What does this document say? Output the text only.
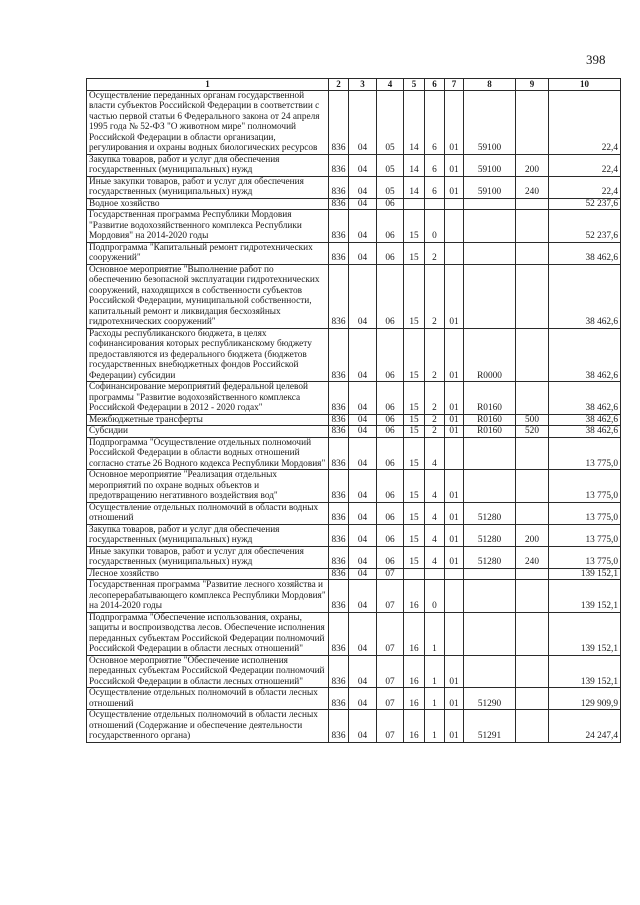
398
1	2	3	4	5	6	7	8	9	10
Осуществление переданных органам государственной власти субъектов Российской Федерации в соответствии с частью первой статьи 6 Федерального закона от 24 апреля 1995 года № 52-ФЗ "О животном мире" полномочий Российской Федерации в области организации, регулирования и охраны водных биологических ресурсов	836	04	05	14	6	01	59100		22,4
Закупка товаров, работ и услуг для обеспечения государственных (муниципальных) нужд	836	04	05	14	6	01	59100	200	22,4
Иные закупки товаров, работ и услуг для обеспечения государственных (муниципальных) нужд	836	04	05	14	6	01	59100	240	22,4
Водное хозяйство	836	04	06						52 237,6
Государственная программа Республики Мордовия "Развитие водохозяйственного комплекса Республики Мордовия" на 2014-2020 годы	836	04	06	15	0				52 237,6
Подпрограмма "Капитальный ремонт гидротехнических сооружений"	836	04	06	15	2				38 462,6
Основное мероприятие "Выполнение работ по обеспечению безопасной эксплуатации гидротехнических сооружений, находящихся в собственности субъектов Российской Федерации, муниципальной собственности, капитальный ремонт и ликвидация бесхозяйных гидротехнических сооружений"	836	04	06	15	2	01			38 462,6
Расходы республиканского бюджета, в целях софинансирования которых республиканскому бюджету предоставляются из федерального бюджета (бюджетов государственных внебюджетных фондов Российской Федерации) субсидии	836	04	06	15	2	01	R0000		38 462,6
Софинансирование мероприятий федеральной целевой программы "Развитие водохозяйственного комплекса Российской Федерации в 2012 - 2020 годах"	836	04	06	15	2	01	R0160		38 462,6
Межбюджетные трансферты	836	04	06	15	2	01	R0160	500	38 462,6
Субсидии	836	04	06	15	2	01	R0160	520	38 462,6
Подпрограмма "Осуществление отдельных полномочий Российской Федерации в области водных отношений согласно статье 26 Водного кодекса Республики Мордовия"	836	04	06	15	4				13 775,0
Основное мероприятие "Реализация отдельных мероприятий по охране водных объектов и предотвращению негативного воздействия вод"	836	04	06	15	4	01			13 775,0
Осуществление отдельных полномочий в области водных отношений	836	04	06	15	4	01	51280		13 775,0
Закупка товаров, работ и услуг для обеспечения государственных (муниципальных) нужд	836	04	06	15	4	01	51280	200	13 775,0
Иные закупки товаров, работ и услуг для обеспечения государственных (муниципальных) нужд	836	04	06	15	4	01	51280	240	13 775,0
Лесное хозяйство	836	04	07						139 152,1
Государственная программа "Развитие лесного хозяйства и лесоперерабатывающего комплекса Республики Мордовия" на 2014-2020 годы	836	04	07	16	0				139 152,1
Подпрограмма "Обеспечение использования, охраны, защиты и воспроизводства лесов. Обеспечение исполнения переданных субъектам Российской Федерации полномочий Российской Федерации в области лесных отношений"	836	04	07	16	1				139 152,1
Основное мероприятие "Обеспечение исполнения переданных субъектам Российской Федерации полномочий Российской Федерации в области лесных отношений"	836	04	07	16	1	01			139 152,1
Осуществление отдельных полномочий в области лесных отношений	836	04	07	16	1	01	51290		129 909,9
Осуществление отдельных полномочий в области лесных отношений (Содержание и обеспечение деятельности государственного органа)	836	04	07	16	1	01	51291		24 247,4
